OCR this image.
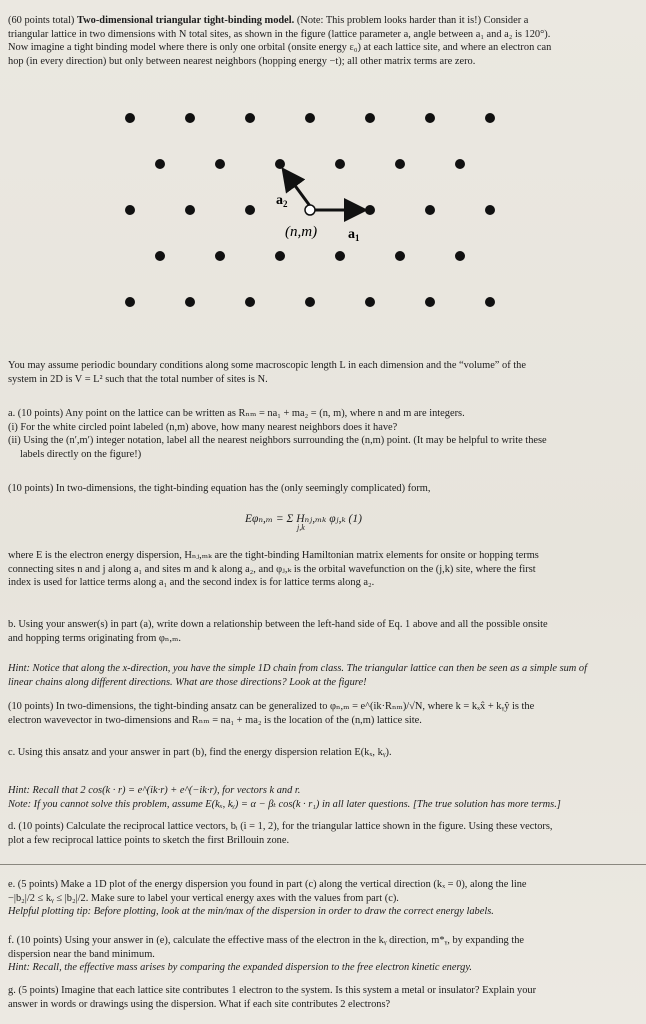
(60 points total) Two-dimensional triangular tight-binding model. (Note: This problem looks harder than it is!) Consider a
triangular lattice in two dimensions with N total sites, as shown in the figure (lattice parameter a, angle between a₁ and a₂ is 120°).
Now imagine a tight binding model where there is only one orbital (onsite energy ε₀) at each lattice site, and where an electron can
hop (in every direction) but only between nearest neighbors (hopping energy −t); all other matrix terms are zero.
$a_2$
(n,m) $a_1$
You may assume periodic boundary conditions along some macroscopic length L in each dimension and the “volume” of the
system in 2D is V = L² such that the total number of sites is N.
a. (10 points) Any point on the lattice can be written as Rₙₘ = na₁ + ma₂ = (n, m), where n and m are integers.
(i) For the white circled point labeled (n,m) above, how many nearest neighbors does it have?
(ii) Using the (n′,m′) integer notation, label all the nearest neighbors surrounding the (n,m) point. (It may be helpful to write these
labels directly on the figure!)
(10 points) In two-dimensions, the tight-binding equation has the (only seemingly complicated) form,
Eφₙ,ₘ = Σ Hₙⱼ,ₘₖ φⱼ,ₖ (1)
j,k
where E is the electron energy dispersion, Hₙⱼ,ₘₖ are the tight-binding Hamiltonian matrix elements for onsite or hopping terms
connecting sites n and j along a₁ and sites m and k along a₂, and φⱼ,ₖ is the orbital wavefunction on the (j,k) site, where the first
index is used for lattice terms along a₁ and the second index is for lattice terms along a₂.
b. Using your answer(s) in part (a), write down a relationship between the left-hand side of Eq. 1 above and all the possible onsite
and hopping terms originating from φₙ,ₘ.
Hint: Notice that along the x-direction, you have the simple 1D chain from class. The triangular lattice can then be seen as a simple sum of
linear chains along different directions. What are those directions? Look at the figure!
(10 points) In two-dimensions, the tight-binding ansatz can be generalized to φₙ,ₘ = e^(ik·Rₙₘ)/√N, where k = kₓx̂ + kᵧŷ is the
electron wavevector in two-dimensions and Rₙₘ = na₁ + ma₂ is the location of the (n,m) lattice site.
c. Using this ansatz and your answer in part (b), find the energy dispersion relation E(kₓ, kᵧ).
Hint: Recall that 2 cos(k · r) = e^(ik·r) + e^(−ik·r), for vectors k and r.
Note: If you cannot solve this problem, assume E(kₓ, kᵧ) = α − βₜ cos(k · r₁) in all later questions. [The true solution has more terms.]
d. (10 points) Calculate the reciprocal lattice vectors, bᵢ (i = 1, 2), for the triangular lattice shown in the figure. Using these vectors,
plot a few reciprocal lattice points to sketch the first Brillouin zone.
e. (5 points) Make a 1D plot of the energy dispersion you found in part (c) along the vertical direction (kₓ = 0), along the line
−|b₂|/2 ≤ kᵧ ≤ |b₂|/2. Make sure to label your vertical energy axes with the values from part (c).
Helpful plotting tip: Before plotting, look at the min/max of the dispersion in order to draw the correct energy labels.
f. (10 points) Using your answer in (e), calculate the effective mass of the electron in the kᵧ direction, m*ᵧ, by expanding the
dispersion near the band minimum.
Hint: Recall, the effective mass arises by comparing the expanded dispersion to the free electron kinetic energy.
g. (5 points) Imagine that each lattice site contributes 1 electron to the system. Is this system a metal or insulator? Explain your
answer in words or drawings using the dispersion. What if each site contributes 2 electrons?
